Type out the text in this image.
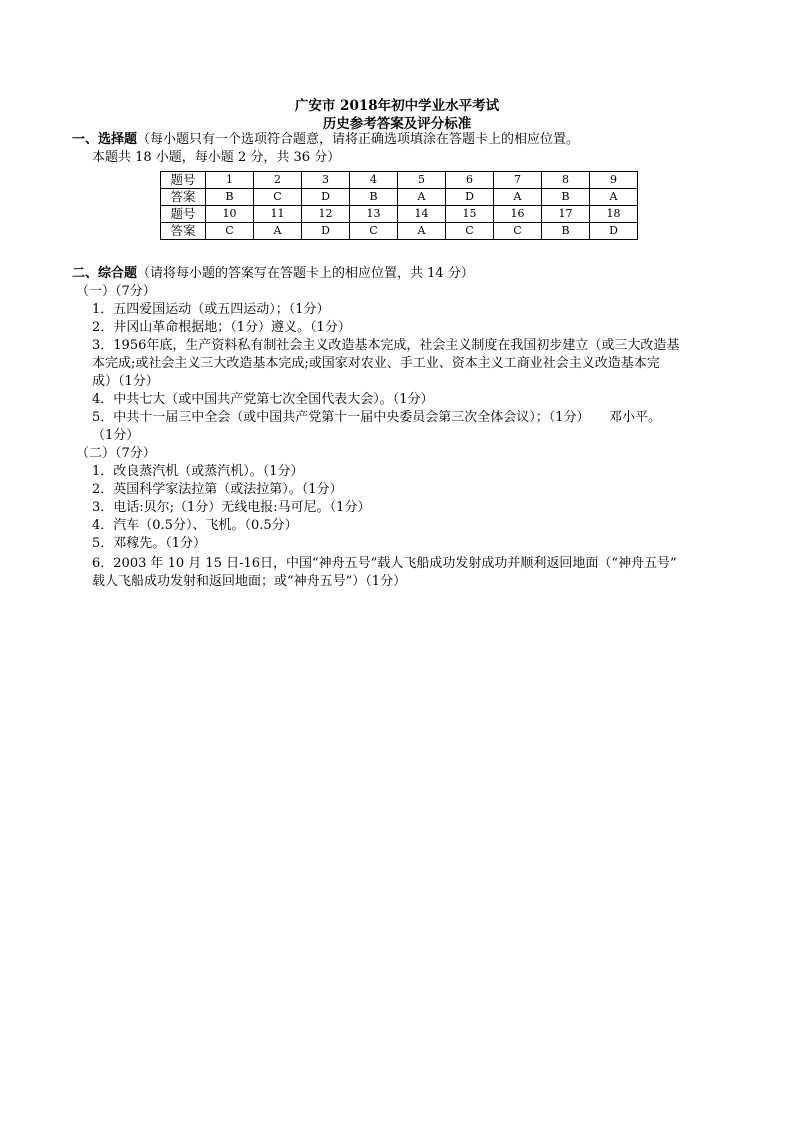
广安市 2018年初中学业水平考试
历史参考答案及评分标准
一、选择题（每小题只有一个选项符合题意，请将正确选项填涂在答题卡上的相应位置。
本题共 18 小题，每小题 2 分，共 36 分）
题号	1	2	3	4	5	6	7	8	9
答案	B	C	D	B	A	D	A	B	A
题号	10	11	12	13	14	15	16	17	18
答案	C	A	D	C	A	C	C	B	D
二、综合题（请将每小题的答案写在答题卡上的相应位置，共 14 分）
（一）（7分）
1．五四爱国运动（或五四运动）；（1分）
2．井冈山革命根据地；（1分）遵义。（1分）
3．1956年底，生产资料私有制社会主义改造基本完成，社会主义制度在我国初步建立（或三大改造基
本完成;或社会主义三大改造基本完成;或国家对农业、手工业、资本主义工商业社会主义改造基本完
成）（1分）
4．中共七大（或中国共产党第七次全国代表大会）。（1分）
5．中共十一届三中全会（或中国共产党第十一届中央委员会第三次全体会议）；（1分）　　邓小平。
（1分）
（二）（7分）
1．改良蒸汽机（或蒸汽机）。（1分）
2．英国科学家法拉第（或法拉第）。（1分）
3．电话:贝尔;（1分）无线电报:马可尼。（1分）
4．汽车（0.5分）、飞机。（0.5分）
5．邓稼先。（1分）
6．2003 年 10 月 15 日-16日，中国“神舟五号”载人飞船成功发射成功并顺利返回地面（“神舟五号”
载人飞船成功发射和返回地面；或“神舟五号”）（1分）
